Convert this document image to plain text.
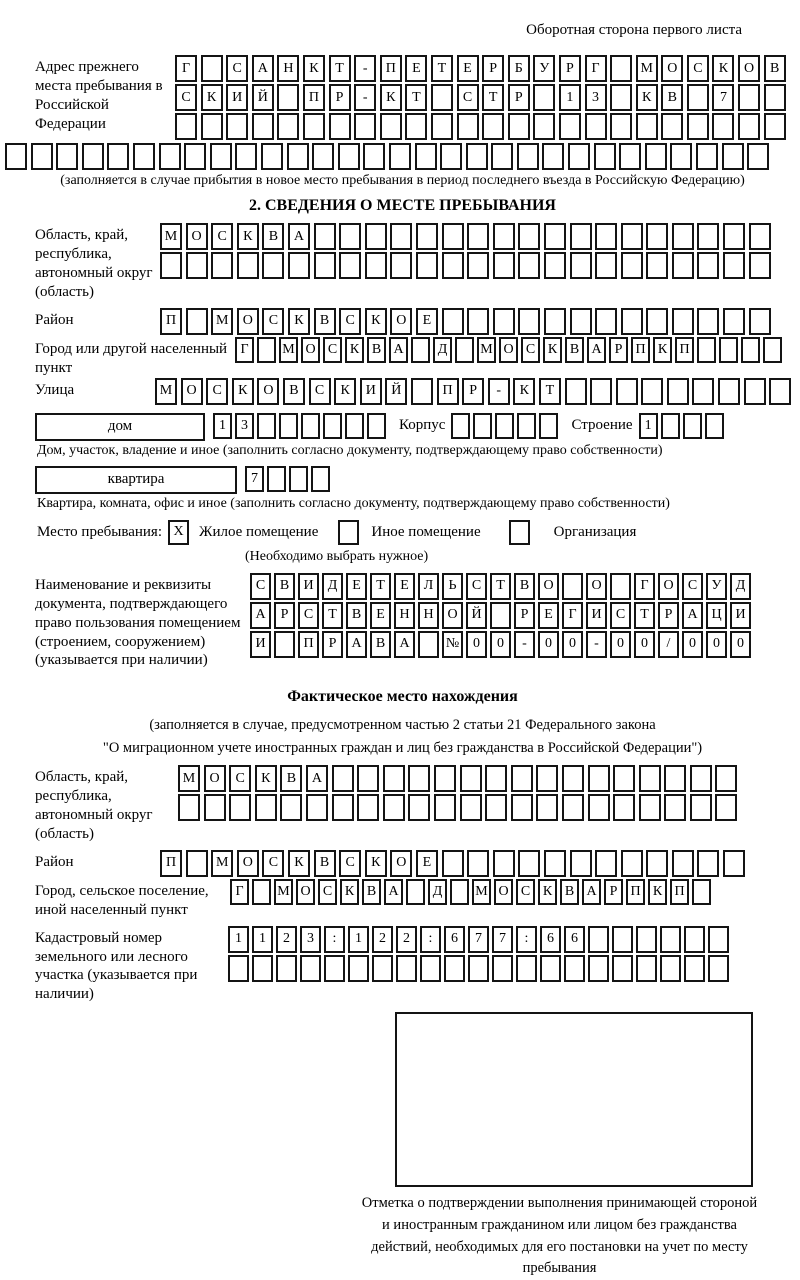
Оборотная сторона первого листа
Адрес прежнего места пребывания в Российской Федерации
Г	С	А	Н	К	Т	-	П	Е	Т	Е	Р	Б	У	Р	Г	М	О	С	К	О	В
С	К	И	Й	П	Р	-	К	Т	С	Т	Р	1	3	К	В	7
(заполняется в случае прибытия в новое место пребывания в период последнего въезда в Российскую Федерацию)
2. СВЕДЕНИЯ О МЕСТЕ ПРЕБЫВАНИЯ
Область, край, республика, автономный округ (область)
М	О	С	К	В	А
Район	П	М	О	С	К	В	С	К	О	Е
Город или другой населенный пункт
Г	М О С К В А	Д	М О С К В А Р П К П
Улица	М	О	С	К	О	В	С	К	И	Й	П	Р	-	К	Т
дом	1	3	Корпус	Строение 1
Дом, участок, владение и иное (заполнить согласно документу, подтверждающему право собственности)
квартира	7
Квартира, комната, офис и иное (заполнить согласно документу, подтверждающему право собственности)
Место пребывания: X	Жилое помещение	Иное помещение	Организация
(Необходимо выбрать нужное)
Наименование и реквизиты документа, подтверждающего право пользования помещением (строением, сооружением) (указывается при наличии)
С	В	И	Д	Е	Т	Е	Л	Ь	С	Т	В	О	О	Г	О	С	У	Д
А	Р	С	Т	В	Е	Н Н О Й	Р	Е	Г	И	С	Т	Р	А Ц И
И	П	Р	А	В	А	№ 0	0	-	0	0	-	0	0	/	0	0	0
Фактическое место нахождения
(заполняется в случае, предусмотренном частью 2 статьи 21 Федерального закона
"О миграционном учете иностранных граждан и лиц без гражданства в Российской Федерации")
Область, край, республика, автономный округ (область)
М	О	С	К	В	А
Район	П	М	О	С	К	В	С	К	О	Е
Город, сельское поселение, иной населенный пункт
Г	М О С К В А	Д	М О С К В А Р П К П
Кадастровый номер земельного или лесного участка (указывается при наличии)
1	1	2	3	:	1	2	2	:	6	7	7	:	6	6
Отметка о подтверждении выполнения принимающей стороной и иностранным гражданином или лицом без гражданства действий, необходимых для его постановки на учет по месту пребывания
